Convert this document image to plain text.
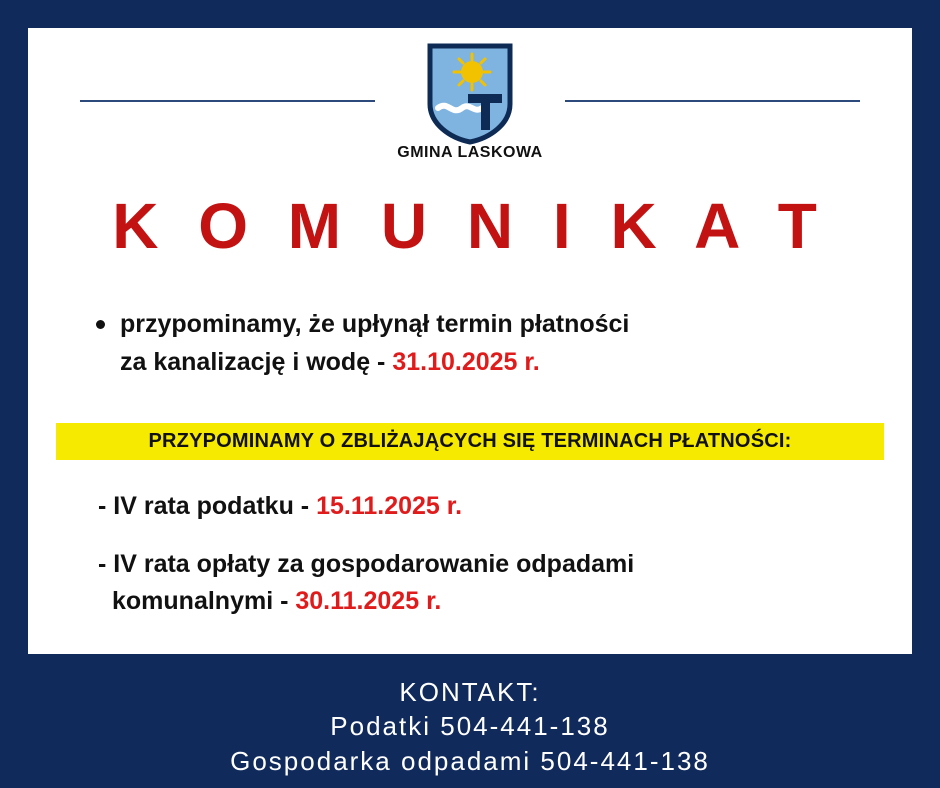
GMINA LASKOWA
K O M U N I K A T
przypominamy, że upłynął termin płatności
za kanalizację i wodę - 31.10.2025 r.
PRZYPOMINAMY O ZBLIŻAJĄCYCH SIĘ TERMINACH PŁATNOŚCI:
- IV rata podatku - 15.11.2025 r.
- IV rata opłaty za gospodarowanie odpadami
komunalnymi - 30.11.2025 r.
KONTAKT:
Podatki 504-441-138
Gospodarka odpadami 504-441-138
